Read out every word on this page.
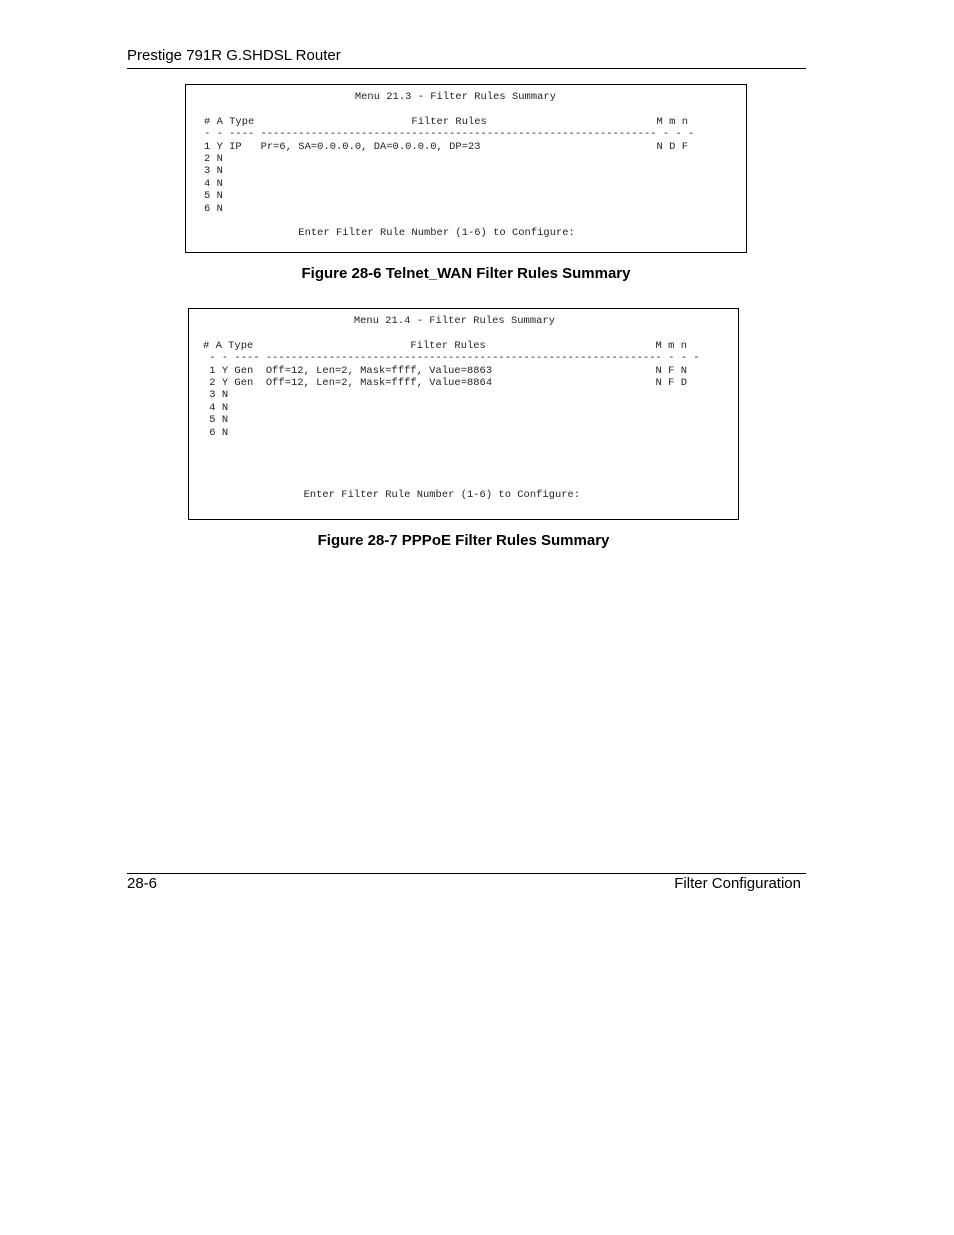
Prestige 791R G.SHDSL Router
Menu 21.3 - Filter Rules Summary

# A Type                         Filter Rules                           M m n
- - ---- --------------------------------------------------------------- - - -
1 Y IP   Pr=6, SA=0.0.0.0, DA=0.0.0.0, DP=23                            N D F
2 N
3 N
4 N
5 N
6 N

Enter Filter Rule Number (1-6) to Configure:
Figure 28-6 Telnet_WAN Filter Rules Summary
Menu 21.4 - Filter Rules Summary

# A Type                         Filter Rules                           M m n
- - ---- --------------------------------------------------------------- - - -
1 Y Gen  Off=12, Len=2, Mask=ffff, Value=8863                          N F N
2 Y Gen  Off=12, Len=2, Mask=ffff, Value=8864                          N F D
3 N
4 N
5 N
6 N

Enter Filter Rule Number (1-6) to Configure:
Figure 28-7 PPPoE Filter Rules Summary
28-6	Filter Configuration
